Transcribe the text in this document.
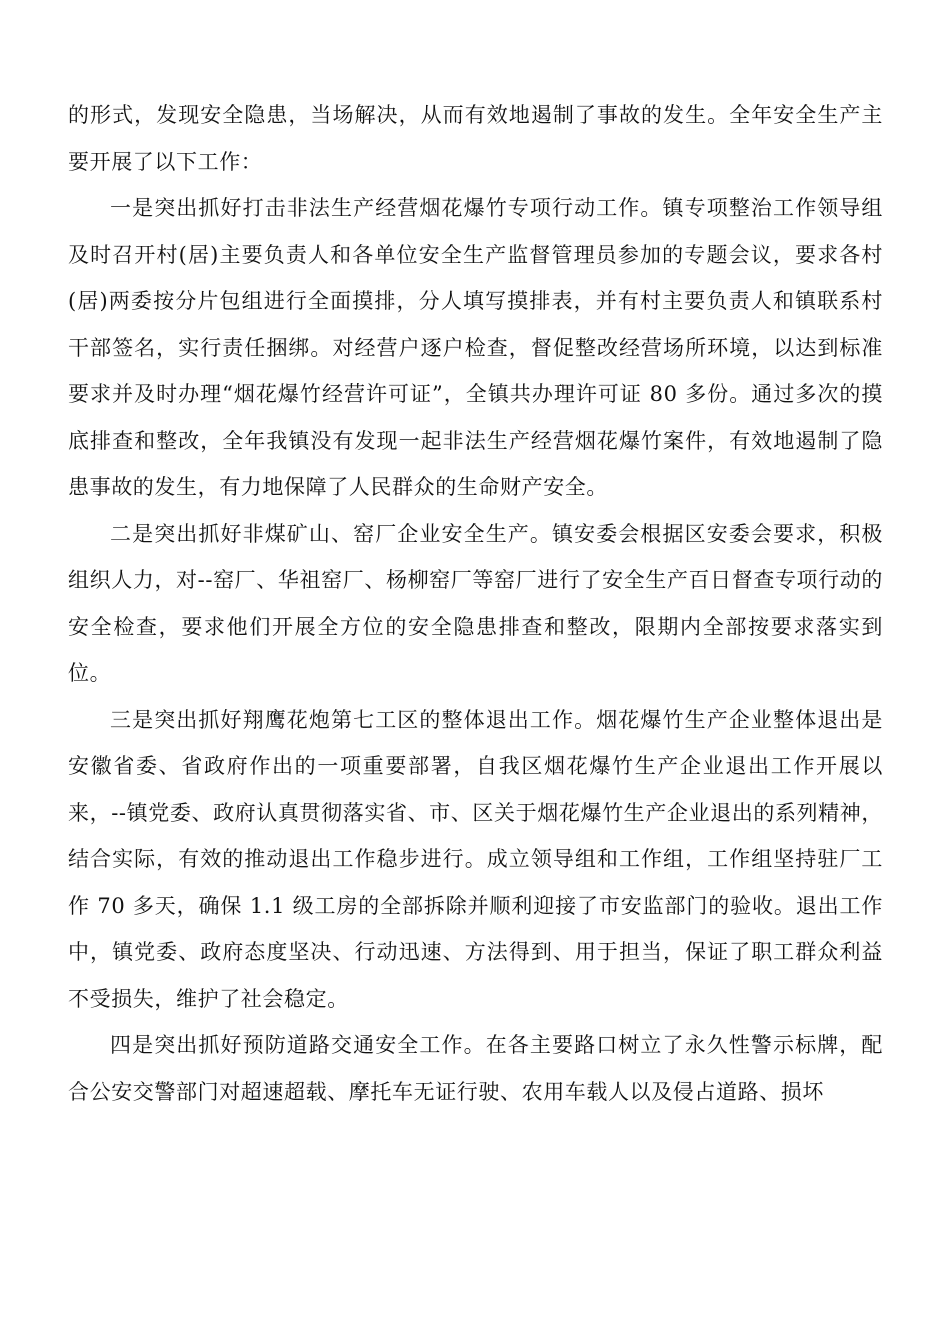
的形式，发现安全隐患，当场解决，从而有效地遏制了事故的发生。全年安全生产主要开展了以下工作：

一是突出抓好打击非法生产经营烟花爆竹专项行动工作。镇专项整治工作领导组及时召开村(居)主要负责人和各单位安全生产监督管理员参加的专题会议，要求各村(居)两委按分片包组进行全面摸排，分人填写摸排表，并有村主要负责人和镇联系村干部签名，实行责任捆绑。对经营户逐户检查，督促整改经营场所环境，以达到标准要求并及时办理“烟花爆竹经营许可证”，全镇共办理许可证 80 多份。通过多次的摸底排查和整改，全年我镇没有发现一起非法生产经营烟花爆竹案件，有效地遏制了隐患事故的发生，有力地保障了人民群众的生命财产安全。

二是突出抓好非煤矿山、窑厂企业安全生产。镇安委会根据区安委会要求，积极组织人力，对--窑厂、华祖窑厂、杨柳窑厂等窑厂进行了安全生产百日督查专项行动的安全检查，要求他们开展全方位的安全隐患排查和整改，限期内全部按要求落实到位。

三是突出抓好翔鹰花炮第七工区的整体退出工作。烟花爆竹生产企业整体退出是安徽省委、省政府作出的一项重要部署，自我区烟花爆竹生产企业退出工作开展以来，--镇党委、政府认真贯彻落实省、市、区关于烟花爆竹生产企业退出的系列精神，结合实际，有效的推动退出工作稳步进行。成立领导组和工作组，工作组坚持驻厂工作 70 多天，确保 1.1 级工房的全部拆除并顺利迎接了市安监部门的验收。退出工作中，镇党委、政府态度坚决、行动迅速、方法得到、用于担当，保证了职工群众利益不受损失，维护了社会稳定。

四是突出抓好预防道路交通安全工作。在各主要路口树立了永久性警示标牌，配合公安交警部门对超速超载、摩托车无证行驶、农用车载人以及侵占道路、损坏
